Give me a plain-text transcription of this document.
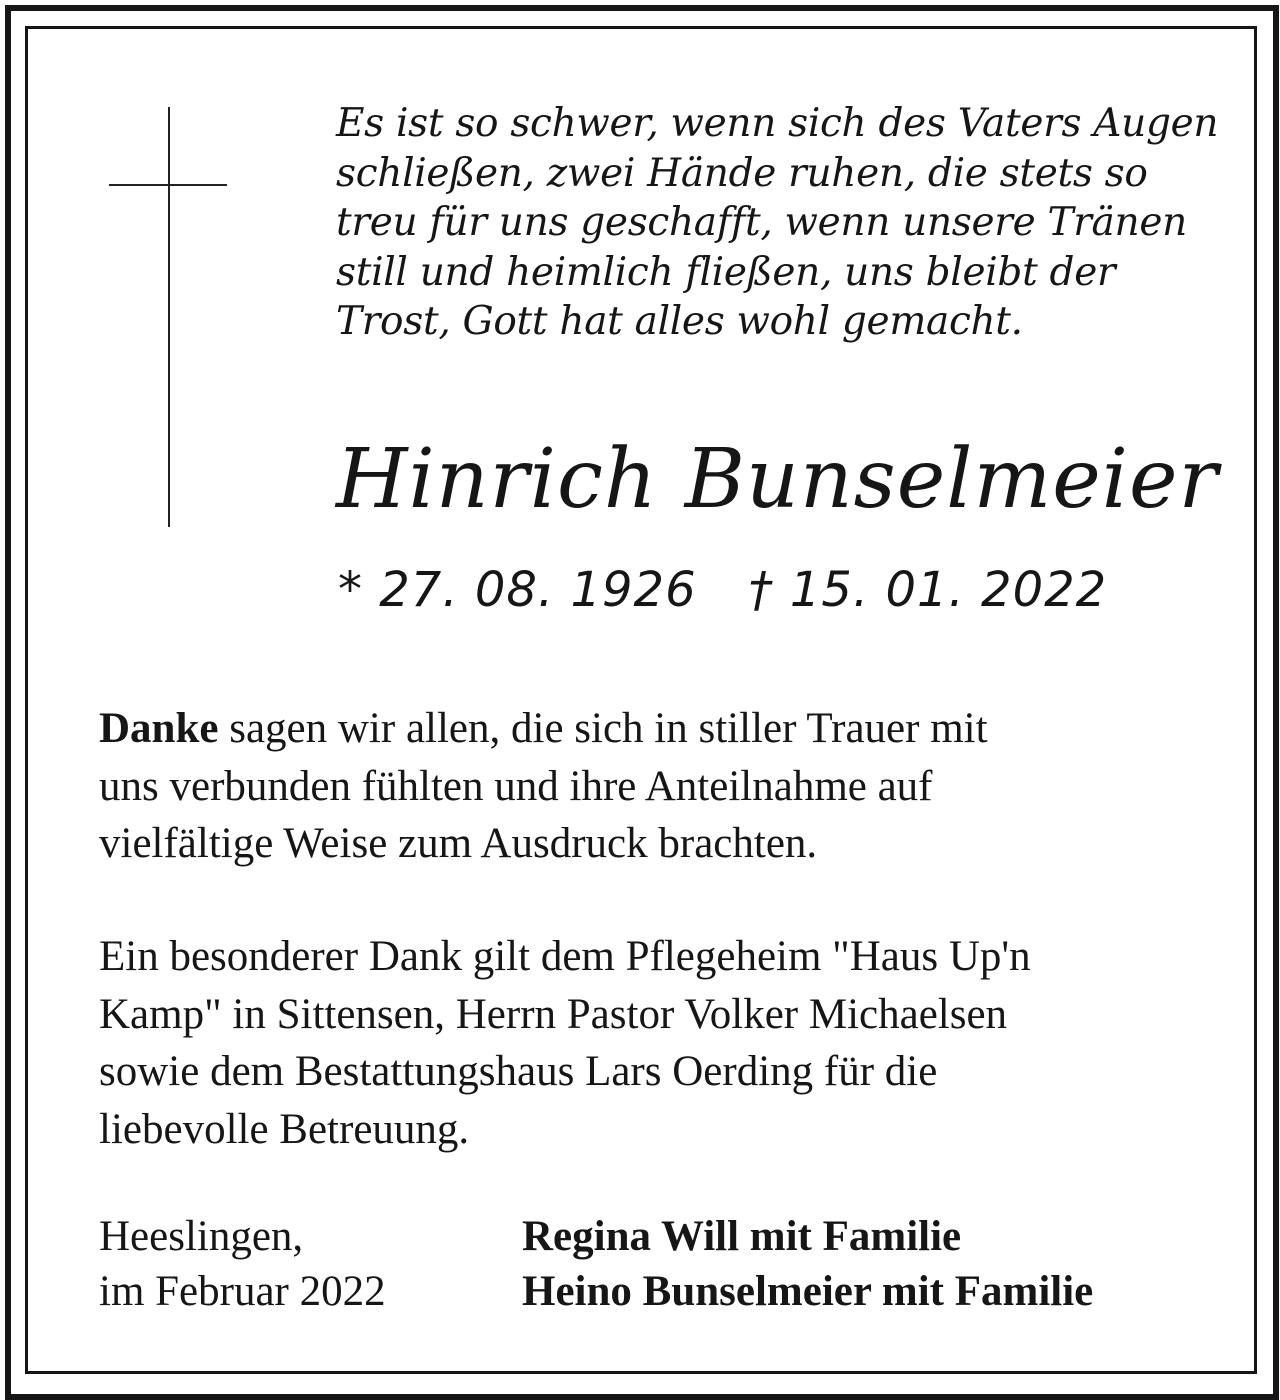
Es ist so schwer, wenn sich des Vaters Augen
schließen, zwei Hände ruhen, die stets so
treu für uns geschafft, wenn unsere Tränen
still und heimlich fließen, uns bleibt der
Trost, Gott hat alles wohl gemacht.
Hinrich Bunselmeier
* 27. 08. 1926 † 15. 01. 2022
Danke sagen wir allen, die sich in stiller Trauer mit
uns verbunden fühlten und ihre Anteilnahme auf
vielfältige Weise zum Ausdruck brachten.
Ein besonderer Dank gilt dem Pflegeheim "Haus Up'n
Kamp" in Sittensen, Herrn Pastor Volker Michaelsen
sowie dem Bestattungshaus Lars Oerding für die
liebevolle Betreuung.
Heeslingen,
im Februar 2022
Regina Will mit Familie
Heino Bunselmeier mit Familie
